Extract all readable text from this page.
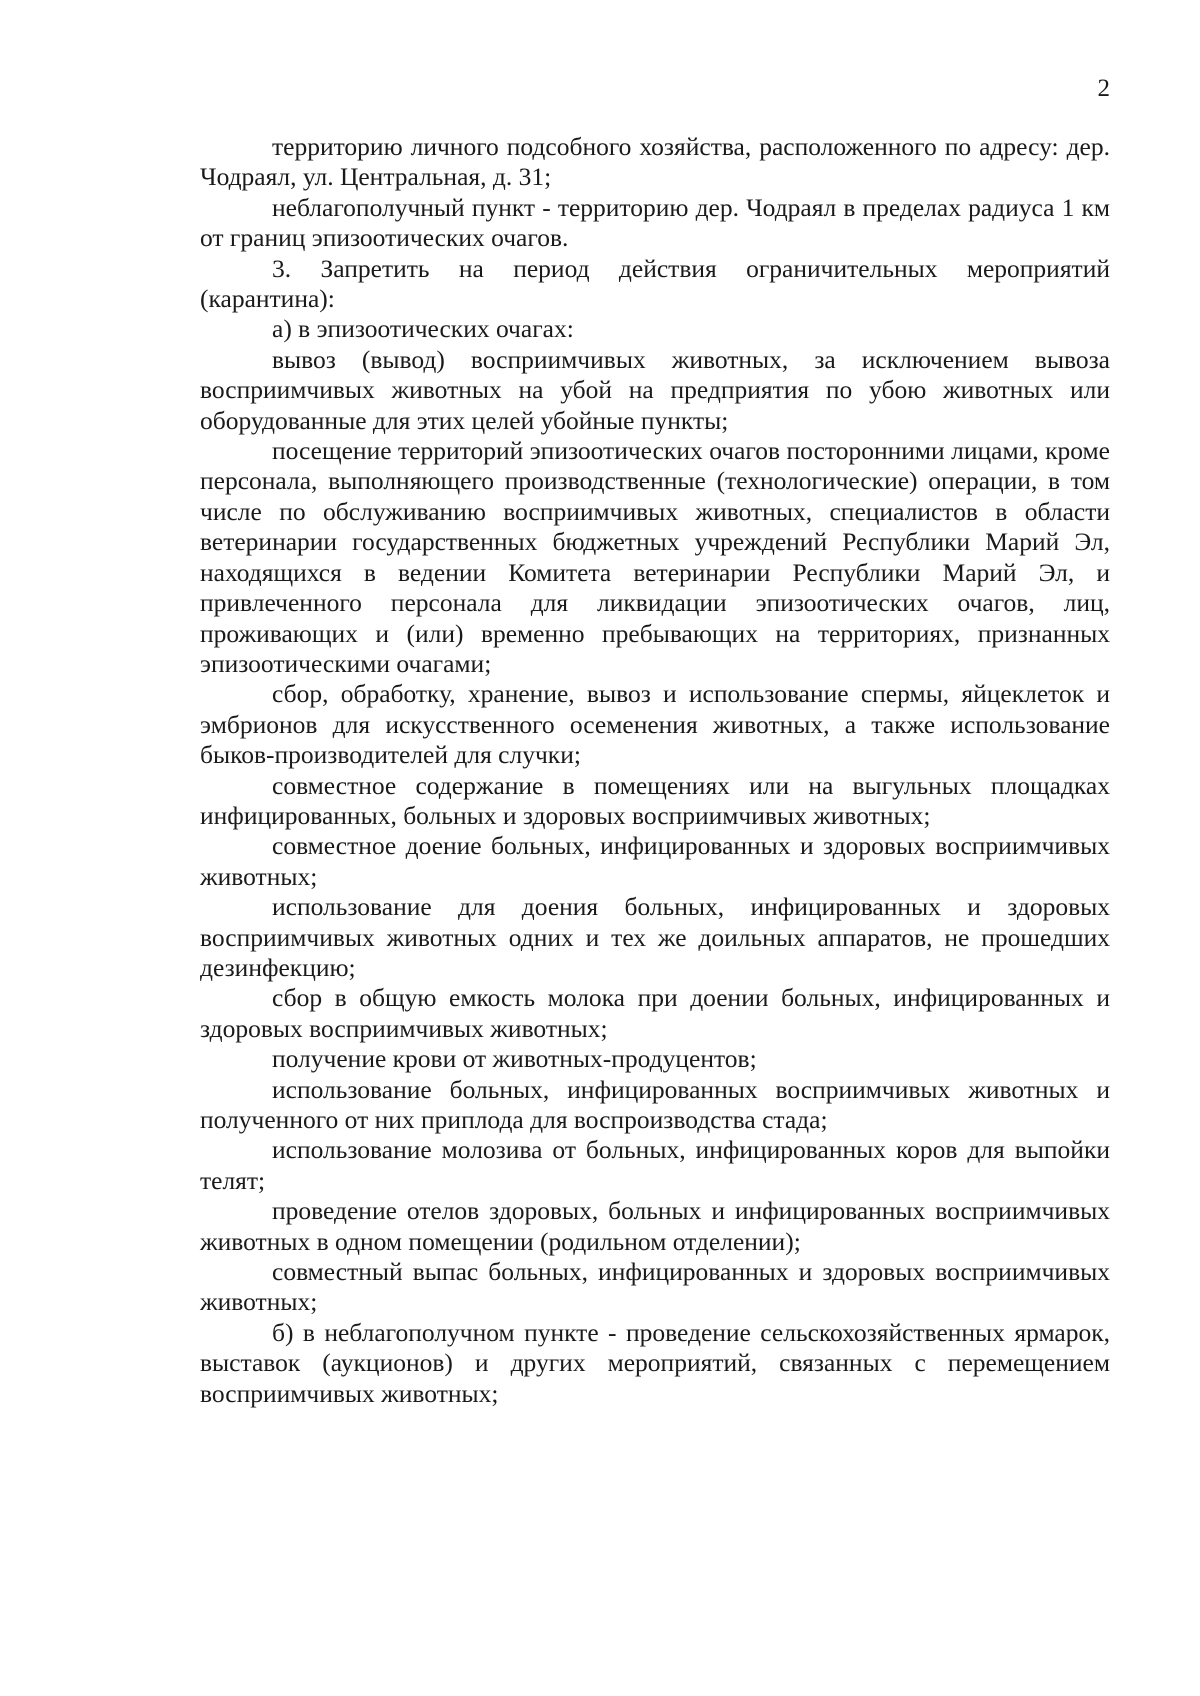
2

территорию личного подсобного хозяйства, расположенного по адресу: дер. Чодраял, ул. Центральная, д. 31;

неблагополучный пункт - территорию дер. Чодраял в пределах радиуса 1 км от границ эпизоотических очагов.

3. Запретить на период действия ограничительных мероприятий (карантина):

а) в эпизоотических очагах:

вывоз (вывод) восприимчивых животных, за исключением вывоза восприимчивых животных на убой на предприятия по убою животных или оборудованные для этих целей убойные пункты;

посещение территорий эпизоотических очагов посторонними лицами, кроме персонала, выполняющего производственные (технологические) операции, в том числе по обслуживанию восприимчивых животных, специалистов в области ветеринарии государственных бюджетных учреждений Республики Марий Эл, находящихся в ведении Комитета ветеринарии Республики Марий Эл, и привлеченного персонала для ликвидации эпизоотических очагов, лиц, проживающих и (или) временно пребывающих на территориях, признанных эпизоотическими очагами;

сбор, обработку, хранение, вывоз и использование спермы, яйцеклеток и эмбрионов для искусственного осеменения животных, а также использование быков-производителей для случки;

совместное содержание в помещениях или на выгульных площадках инфицированных, больных и здоровых восприимчивых животных;

совместное доение больных, инфицированных и здоровых восприимчивых животных;

использование для доения больных, инфицированных и здоровых восприимчивых животных одних и тех же доильных аппаратов, не прошедших дезинфекцию;

сбор в общую емкость молока при доении больных, инфицированных и здоровых восприимчивых животных;

получение крови от животных-продуцентов;

использование больных, инфицированных восприимчивых животных и полученного от них приплода для воспроизводства стада;

использование молозива от больных, инфицированных коров для выпойки телят;

проведение отелов здоровых, больных и инфицированных восприимчивых животных в одном помещении (родильном отделении);

совместный выпас больных, инфицированных и здоровых восприимчивых животных;

б) в неблагополучном пункте - проведение сельскохозяйственных ярмарок, выставок (аукционов) и других мероприятий, связанных с перемещением восприимчивых животных;
